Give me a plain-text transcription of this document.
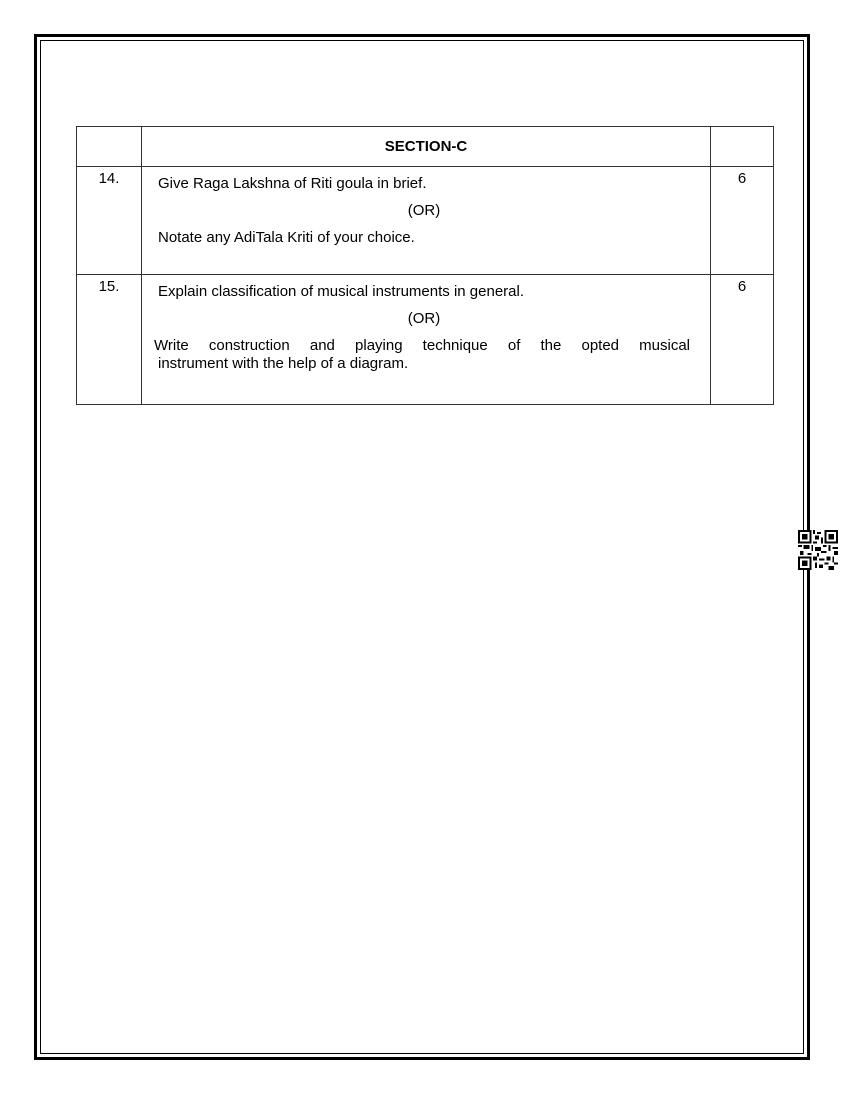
	SECTION-C	

14.	Give Raga Lakshna of Riti goula in brief.
(OR)
Notate any AdiTala Kriti of your choice.	6

15.	Explain classification of musical instruments in general.
(OR)
Write construction and playing technique of the opted musical
instrument with the help of a diagram.	6
